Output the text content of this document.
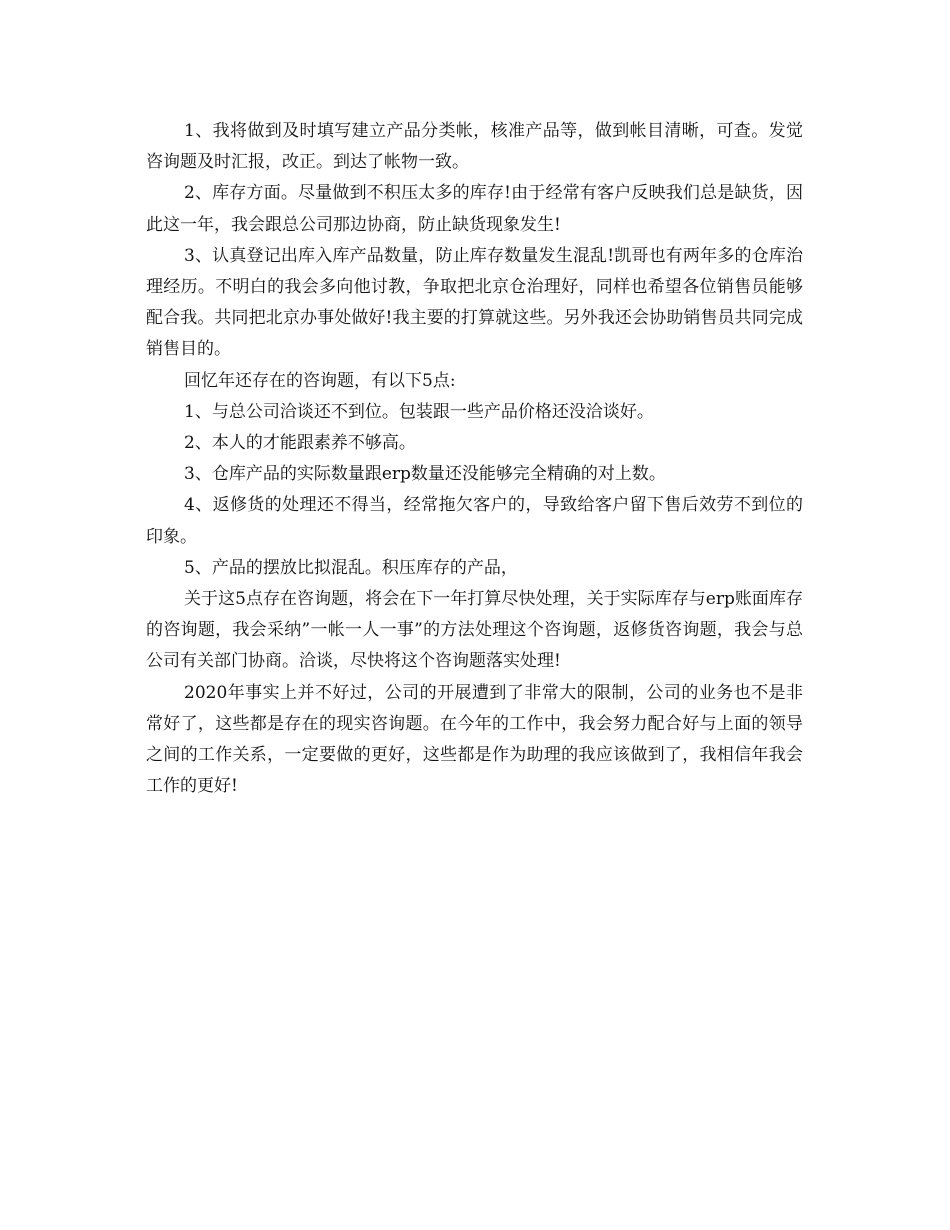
1、我将做到及时填写建立产品分类帐，核准产品等，做到帐目清晰，可查。发觉咨询题及时汇报，改正。到达了帐物一致。

2、库存方面。尽量做到不积压太多的库存!由于经常有客户反映我们总是缺货，因此这一年，我会跟总公司那边协商，防止缺货现象发生!

3、认真登记出库入库产品数量，防止库存数量发生混乱!凯哥也有两年多的仓库治理经历。不明白的我会多向他讨教，争取把北京仓治理好，同样也希望各位销售员能够配合我。共同把北京办事处做好!我主要的打算就这些。另外我还会协助销售员共同完成销售目的。

回忆年还存在的咨询题，有以下5点:

1、与总公司洽谈还不到位。包装跟一些产品价格还没洽谈好。

2、本人的才能跟素养不够高。

3、仓库产品的实际数量跟erp数量还没能够完全精确的对上数。

4、返修货的处理还不得当，经常拖欠客户的，导致给客户留下售后效劳不到位的印象。

5、产品的摆放比拟混乱。积压库存的产品，

关于这5点存在咨询题，将会在下一年打算尽快处理，关于实际库存与erp账面库存的咨询题，我会采纳”一帐一人一事”的方法处理这个咨询题，返修货咨询题，我会与总公司有关部门协商。洽谈，尽快将这个咨询题落实处理!

2020年事实上并不好过，公司的开展遭到了非常大的限制，公司的业务也不是非常好了，这些都是存在的现实咨询题。在今年的工作中，我会努力配合好与上面的领导之间的工作关系，一定要做的更好，这些都是作为助理的我应该做到了，我相信年我会工作的更好!
